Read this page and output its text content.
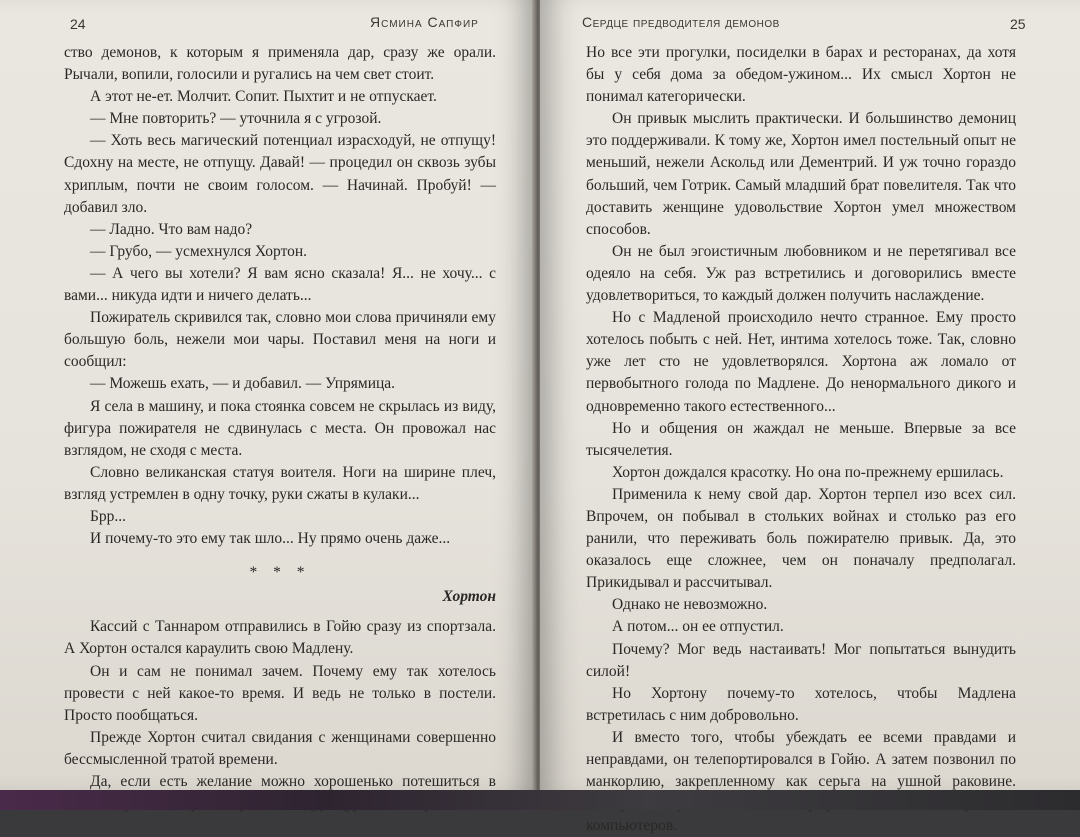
24	Ясмина Сапфир

ство демонов, к которым я применяла дар, сразу же орали. Рычали, вопили, голосили и ругались на чем свет стоит.

А этот не-ет. Молчит. Сопит. Пыхтит и не отпускает.

— Мне повторить? — уточнила я с угрозой.

— Хоть весь магический потенциал израсходуй, не отпущу! Сдохну на месте, не отпущу. Давай! — процедил он сквозь зубы хриплым, почти не своим голосом. — Начинай. Пробуй! — добавил зло.

— Ладно. Что вам надо?

— Грубо, — усмехнулся Хортон.

— А чего вы хотели? Я вам ясно сказала! Я... не хочу... с вами... никуда идти и ничего делать...

Пожиратель скривился так, словно мои слова причиняли ему большую боль, нежели мои чары. Поставил меня на ноги и сообщил:

— Можешь ехать, — и добавил. — Упрямица.

Я села в машину, и пока стоянка совсем не скрылась из виду, фигура пожирателя не сдвинулась с места. Он провожал нас взглядом, не сходя с места.

Словно великанская статуя воителя. Ноги на ширине плеч, взгляд устремлен в одну точку, руки сжаты в кулаки...

Брр...

И почему-то это ему так шло... Ну прямо очень даже...

* * *

Хортон

Кассий с Таннаром отправились в Гойю сразу из спортзала. А Хортон остался караулить свою Мадлену.

Он и сам не понимал зачем. Почему ему так хотелось провести с ней какое-то время. И ведь не только в постели. Просто пообщаться.

Прежде Хортон считал свидания с женщинами совершенно бессмысленной тратой времени.

Да, если есть желание можно хорошенько потешиться в

Сердце предводителя демонов	25

Но все эти прогулки, посиделки в барах и ресторанах, да хотя бы у себя дома за обедом-ужином... Их смысл Хортон не понимал категорически.

Он привык мыслить практически. И большинство демониц это поддерживали. К тому же, Хортон имел постельный опыт не меньший, нежели Аскольд или Дементрий. И уж точно гораздо больший, чем Готрик. Самый младший брат повелителя. Так что доставить женщине удовольствие Хортон умел множеством способов.

Он не был эгоистичным любовником и не перетягивал все одеяло на себя. Уж раз встретились и договорились вместе удовлетвориться, то каждый должен получить наслаждение.

Но с Мадленой происходило нечто странное. Ему просто хотелось побыть с ней. Нет, интима хотелось тоже. Так, словно уже лет сто не удовлетворялся. Хортона аж ломало от первобытного голода по Мадлене. До ненормального дикого и одновременно такого естественного...

Но и общения он жаждал не меньше. Впервые за все тысячелетия.

Хортон дождался красотку. Но она по-прежнему ершилась.

Применила к нему свой дар. Хортон терпел изо всех сил. Впрочем, он побывал в стольких войнах и столько раз его ранили, что переживать боль пожирателю привык. Да, это оказалось еще сложнее, чем он поначалу предполагал. Прикидывал и рассчитывал.

Однако не невозможно.

А потом... он ее отпустил.

Почему? Мог ведь настаивать! Мог попытаться вынудить силой!

Но Хортону почему-то хотелось, чтобы Мадлена встретилась с ним добровольно.

И вместо того, чтобы убеждать ее всеми правдами и неправдами, он телепортировался в Гойю. А затем позвонил по манкорлию, закрепленному как серьга на ушной раковине. компьютеров.
